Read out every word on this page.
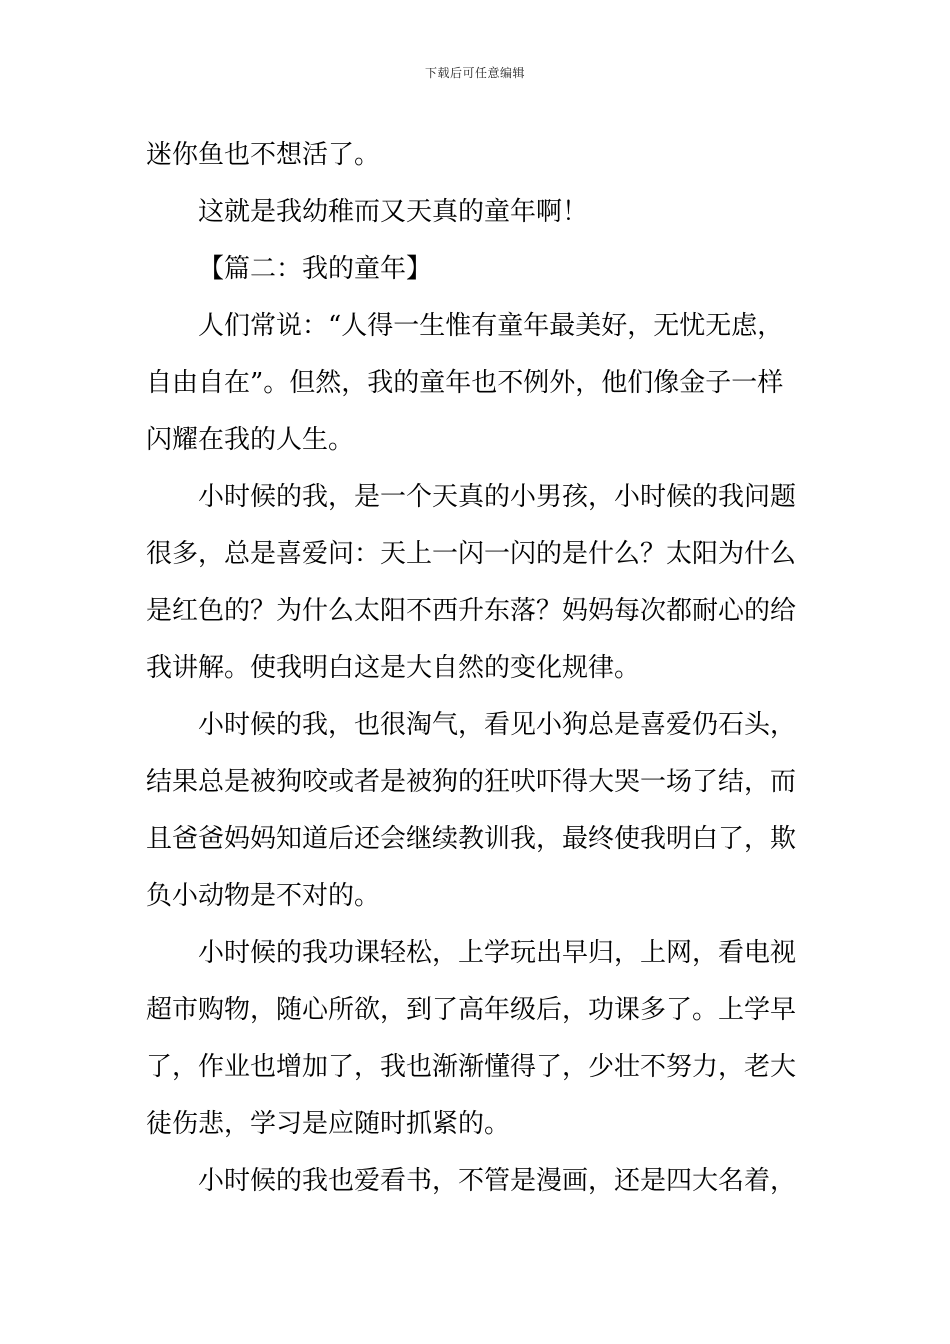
下载后可任意编辑
迷你鱼也不想活了。
这就是我幼稚而又天真的童年啊！
【篇二：我的童年】
人们常说：“人得一生惟有童年最美好，无忧无虑，
自由自在”。但然，我的童年也不例外，他们像金子一样
闪耀在我的人生。
小时候的我，是一个天真的小男孩，小时候的我问题
很多，总是喜爱问：天上一闪一闪的是什么？太阳为什么
是红色的？为什么太阳不西升东落？妈妈每次都耐心的给
我讲解。使我明白这是大自然的变化规律。
小时候的我，也很淘气，看见小狗总是喜爱仍石头，
结果总是被狗咬或者是被狗的狂吠吓得大哭一场了结，而
且爸爸妈妈知道后还会继续教训我，最终使我明白了，欺
负小动物是不对的。
小时候的我功课轻松，上学玩出早归，上网，看电视
超市购物，随心所欲，到了高年级后，功课多了。上学早
了，作业也增加了，我也渐渐懂得了，少壮不努力，老大
徒伤悲，学习是应随时抓紧的。
小时候的我也爱看书，不管是漫画，还是四大名着，
